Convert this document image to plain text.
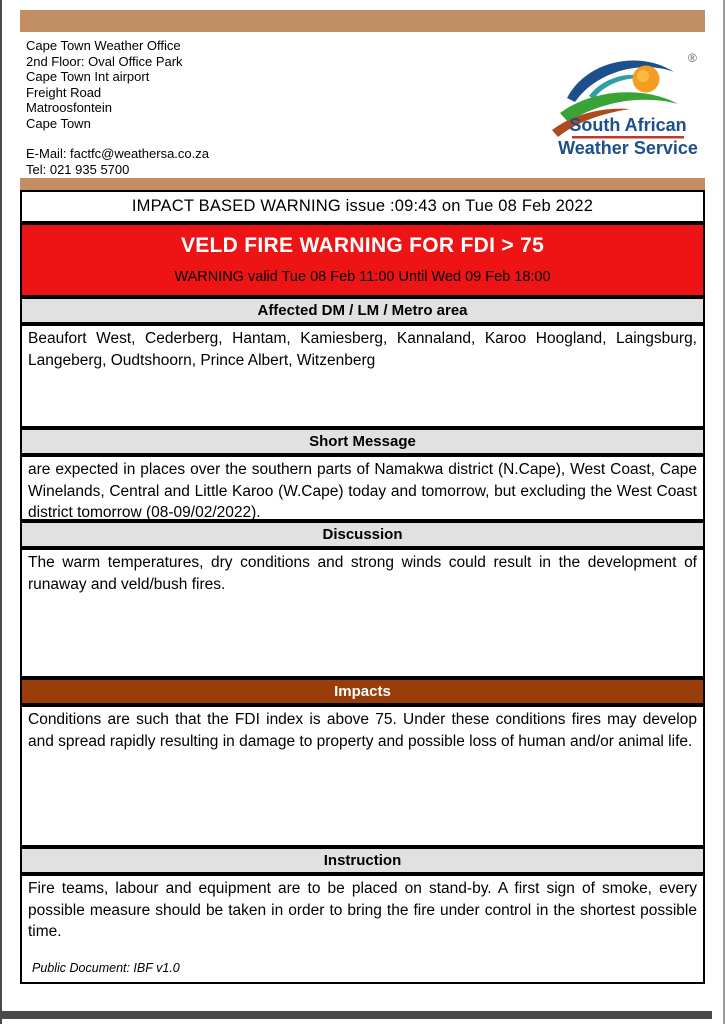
Cape Town Weather Office
2nd Floor: Oval Office Park
Cape Town Int airport
Freight Road
Matroosfontein
Cape Town
E-Mail: factfc@weathersa.co.za
Tel: 021 935 5700
®
South African
Weather Service
IMPACT BASED WARNING issue :09:43 on Tue 08 Feb 2022
VELD FIRE WARNING FOR FDI > 75
WARNING valid Tue 08 Feb 11:00 Until Wed 09 Feb 18:00
Affected DM / LM / Metro area
Beaufort West, Cederberg, Hantam, Kamiesberg, Kannaland, Karoo Hoogland, Laingsburg, Langeberg, Oudtshoorn, Prince Albert, Witzenberg
Short Message
are expected in places over the southern parts of Namakwa district (N.Cape), West Coast, Cape Winelands, Central and Little Karoo (W.Cape) today and tomorrow, but excluding the West Coast district tomorrow (08-09/02/2022).
Discussion
The warm temperatures, dry conditions and strong winds could result in the development of runaway and veld/bush fires.
Impacts
Conditions are such that the FDI index is above 75. Under these conditions fires may develop and spread rapidly resulting in damage to property and possible loss of human and/or animal life.
Instruction
Fire teams, labour and equipment are to be placed on stand-by. A first sign of smoke, every possible measure should be taken in order to bring the fire under control in the shortest possible time.
Public Document: IBF v1.0
